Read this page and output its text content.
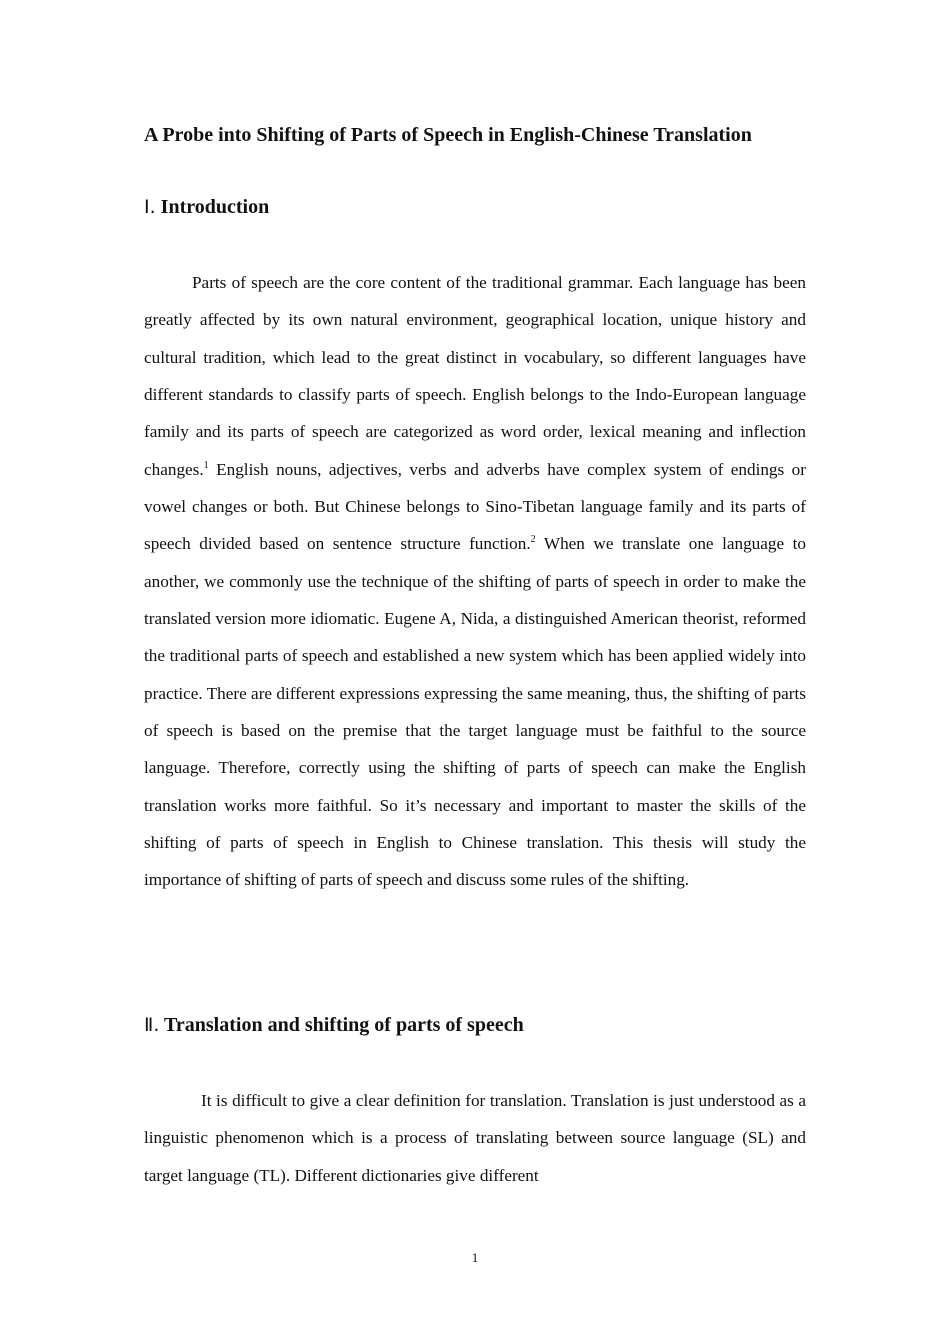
A Probe into Shifting of Parts of Speech in English-Chinese Translation
Ⅰ. Introduction

Parts of speech are the core content of the traditional grammar. Each language has been greatly affected by its own natural environment, geographical location, unique history and cultural tradition, which lead to the great distinct in vocabulary, so different languages have different standards to classify parts of speech. English belongs to the Indo-European language family and its parts of speech are categorized as word order, lexical meaning and inflection changes.$^1$ English nouns, adjectives, verbs and adverbs have complex system of endings or vowel changes or both. But Chinese belongs to Sino-Tibetan language family and its parts of speech divided based on sentence structure function.$^2$ When we translate one language to another, we commonly use the technique of the shifting of parts of speech in order to make the translated version more idiomatic. Eugene A, Nida, a distinguished American theorist, reformed the traditional parts of speech and established a new system which has been applied widely into practice. There are different expressions expressing the same meaning, thus, the shifting of parts of speech is based on the premise that the target language must be faithful to the source language. Therefore, correctly using the shifting of parts of speech can make the English translation works more faithful. So it’s necessary and important to master the skills of the shifting of parts of speech in English to Chinese translation. This thesis will study the importance of shifting of parts of speech and discuss some rules of the shifting.

Ⅱ. Translation and shifting of parts of speech

It is difficult to give a clear definition for translation. Translation is just understood as a linguistic phenomenon which is a process of translating between source language (SL) and target language (TL). Different dictionaries give different

1
